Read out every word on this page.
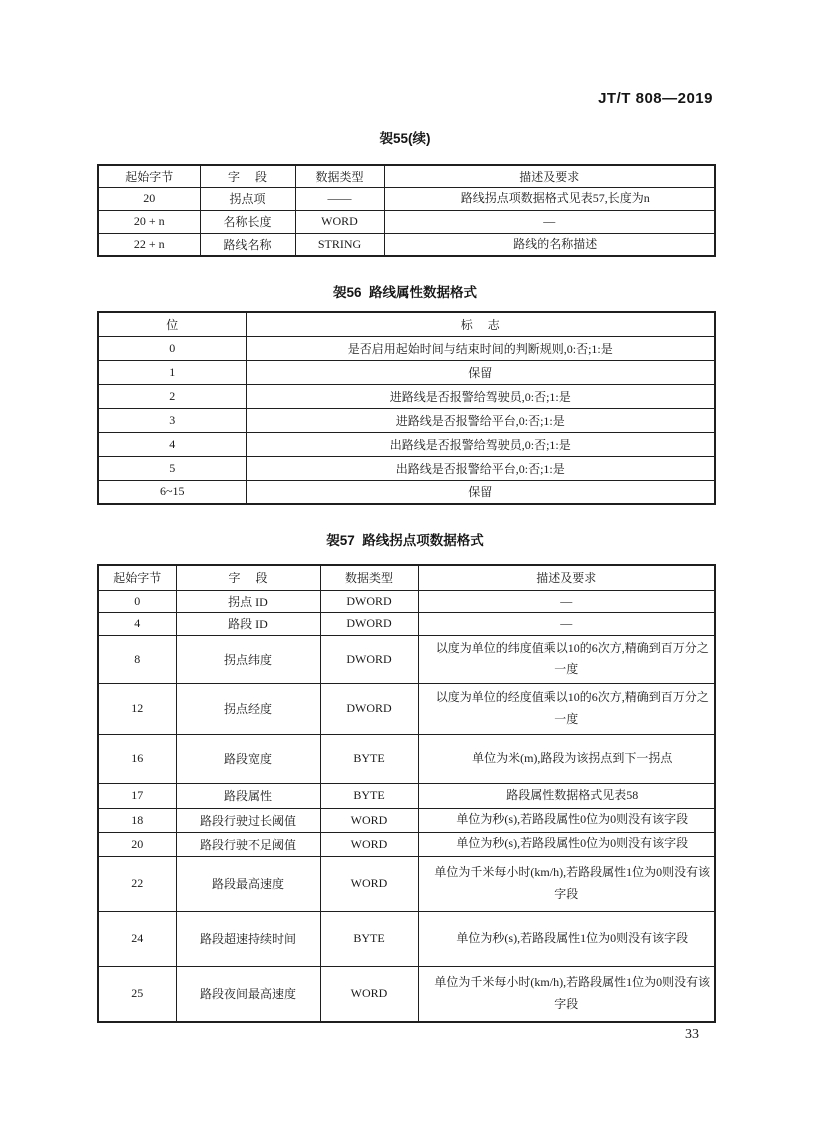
JT/T 808—2019
袈55(续)
起始字节	字     段	数据类型	描述及要求
20	拐点项	——	路线拐点项数据格式见表57,长度为n
20 + n	名称长度	WORD	—
22 + n	路线名称	STRING	路线的名称描述
袈56  路线属性数据格式
位	标     志
0	是否启用起始时间与结束时间的判断规则,0:否;1:是
1	保留
2	进路线是否报警给驾驶员,0:否;1:是
3	进路线是否报警给平台,0:否;1:是
4	出路线是否报警给驾驶员,0:否;1:是
5	出路线是否报警给平台,0:否;1:是
6~15	保留
袈57  路线拐点项数据格式
起始字节	字     段	数据类型	描述及要求
0	拐点 ID	DWORD	—
4	路段 ID	DWORD	—
8	拐点纬度	DWORD	以度为单位的纬度值乘以10的6次方,精确到百万分之一度
12	拐点经度	DWORD	以度为单位的经度值乘以10的6次方,精确到百万分之一度
16	路段宽度	BYTE	单位为米(m),路段为该拐点到下一拐点
17	路段属性	BYTE	路段属性数据格式见表58
18	路段行驶过长阈值	WORD	单位为秒(s),若路段属性0位为0则没有该字段
20	路段行驶不足阈值	WORD	单位为秒(s),若路段属性0位为0则没有该字段
22	路段最高速度	WORD	单位为千米每小时(km/h),若路段属性1位为0则没有该字段
24	路段超速持续时间	BYTE	单位为秒(s),若路段属性1位为0则没有该字段
25	路段夜间最高速度	WORD	单位为千米每小时(km/h),若路段属性1位为0则没有该字段
33
